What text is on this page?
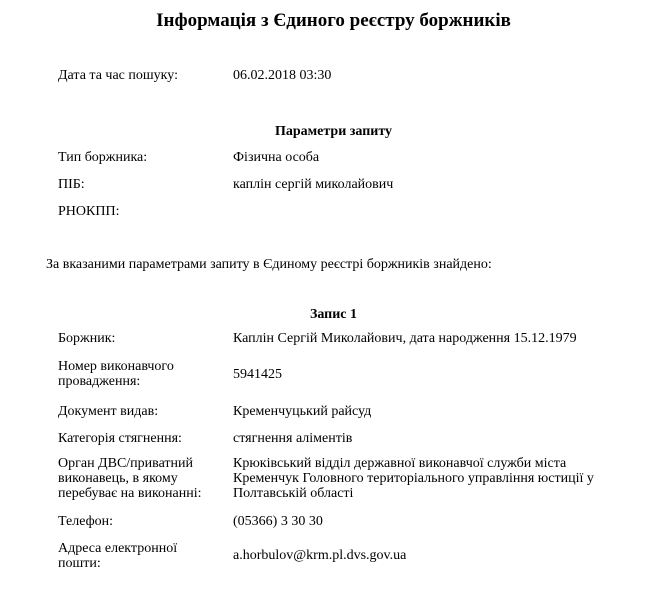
Інформація з Єдиного реєстру боржників
Дата та час пошуку:	06.02.2018 03:30
Параметри запиту
Тип боржника:	Фізична особа
ПІБ:	каплін сергій миколайович
РНОКПП:
За вказаними параметрами запиту в Єдиному реєстрі боржників знайдено:
Запис 1
Боржник:	Каплін Сергій Миколайович, дата народження 15.12.1979
Номер виконавчого
провадження:	5941425
Документ видав:	Кременчуцький райсуд
Категорія стягнення:	стягнення аліментів
Орган ДВС/приватний
виконавець, в якому
перебуває на виконанні:
Крюківський відділ державної виконавчої служби міста
Кременчук Головного територіального управління юстиції у
Полтавській області
Телефон:	(05366) 3 30 30
Адреса електронної
пошти:
a.horbulov@krm.pl.dvs.gov.ua
